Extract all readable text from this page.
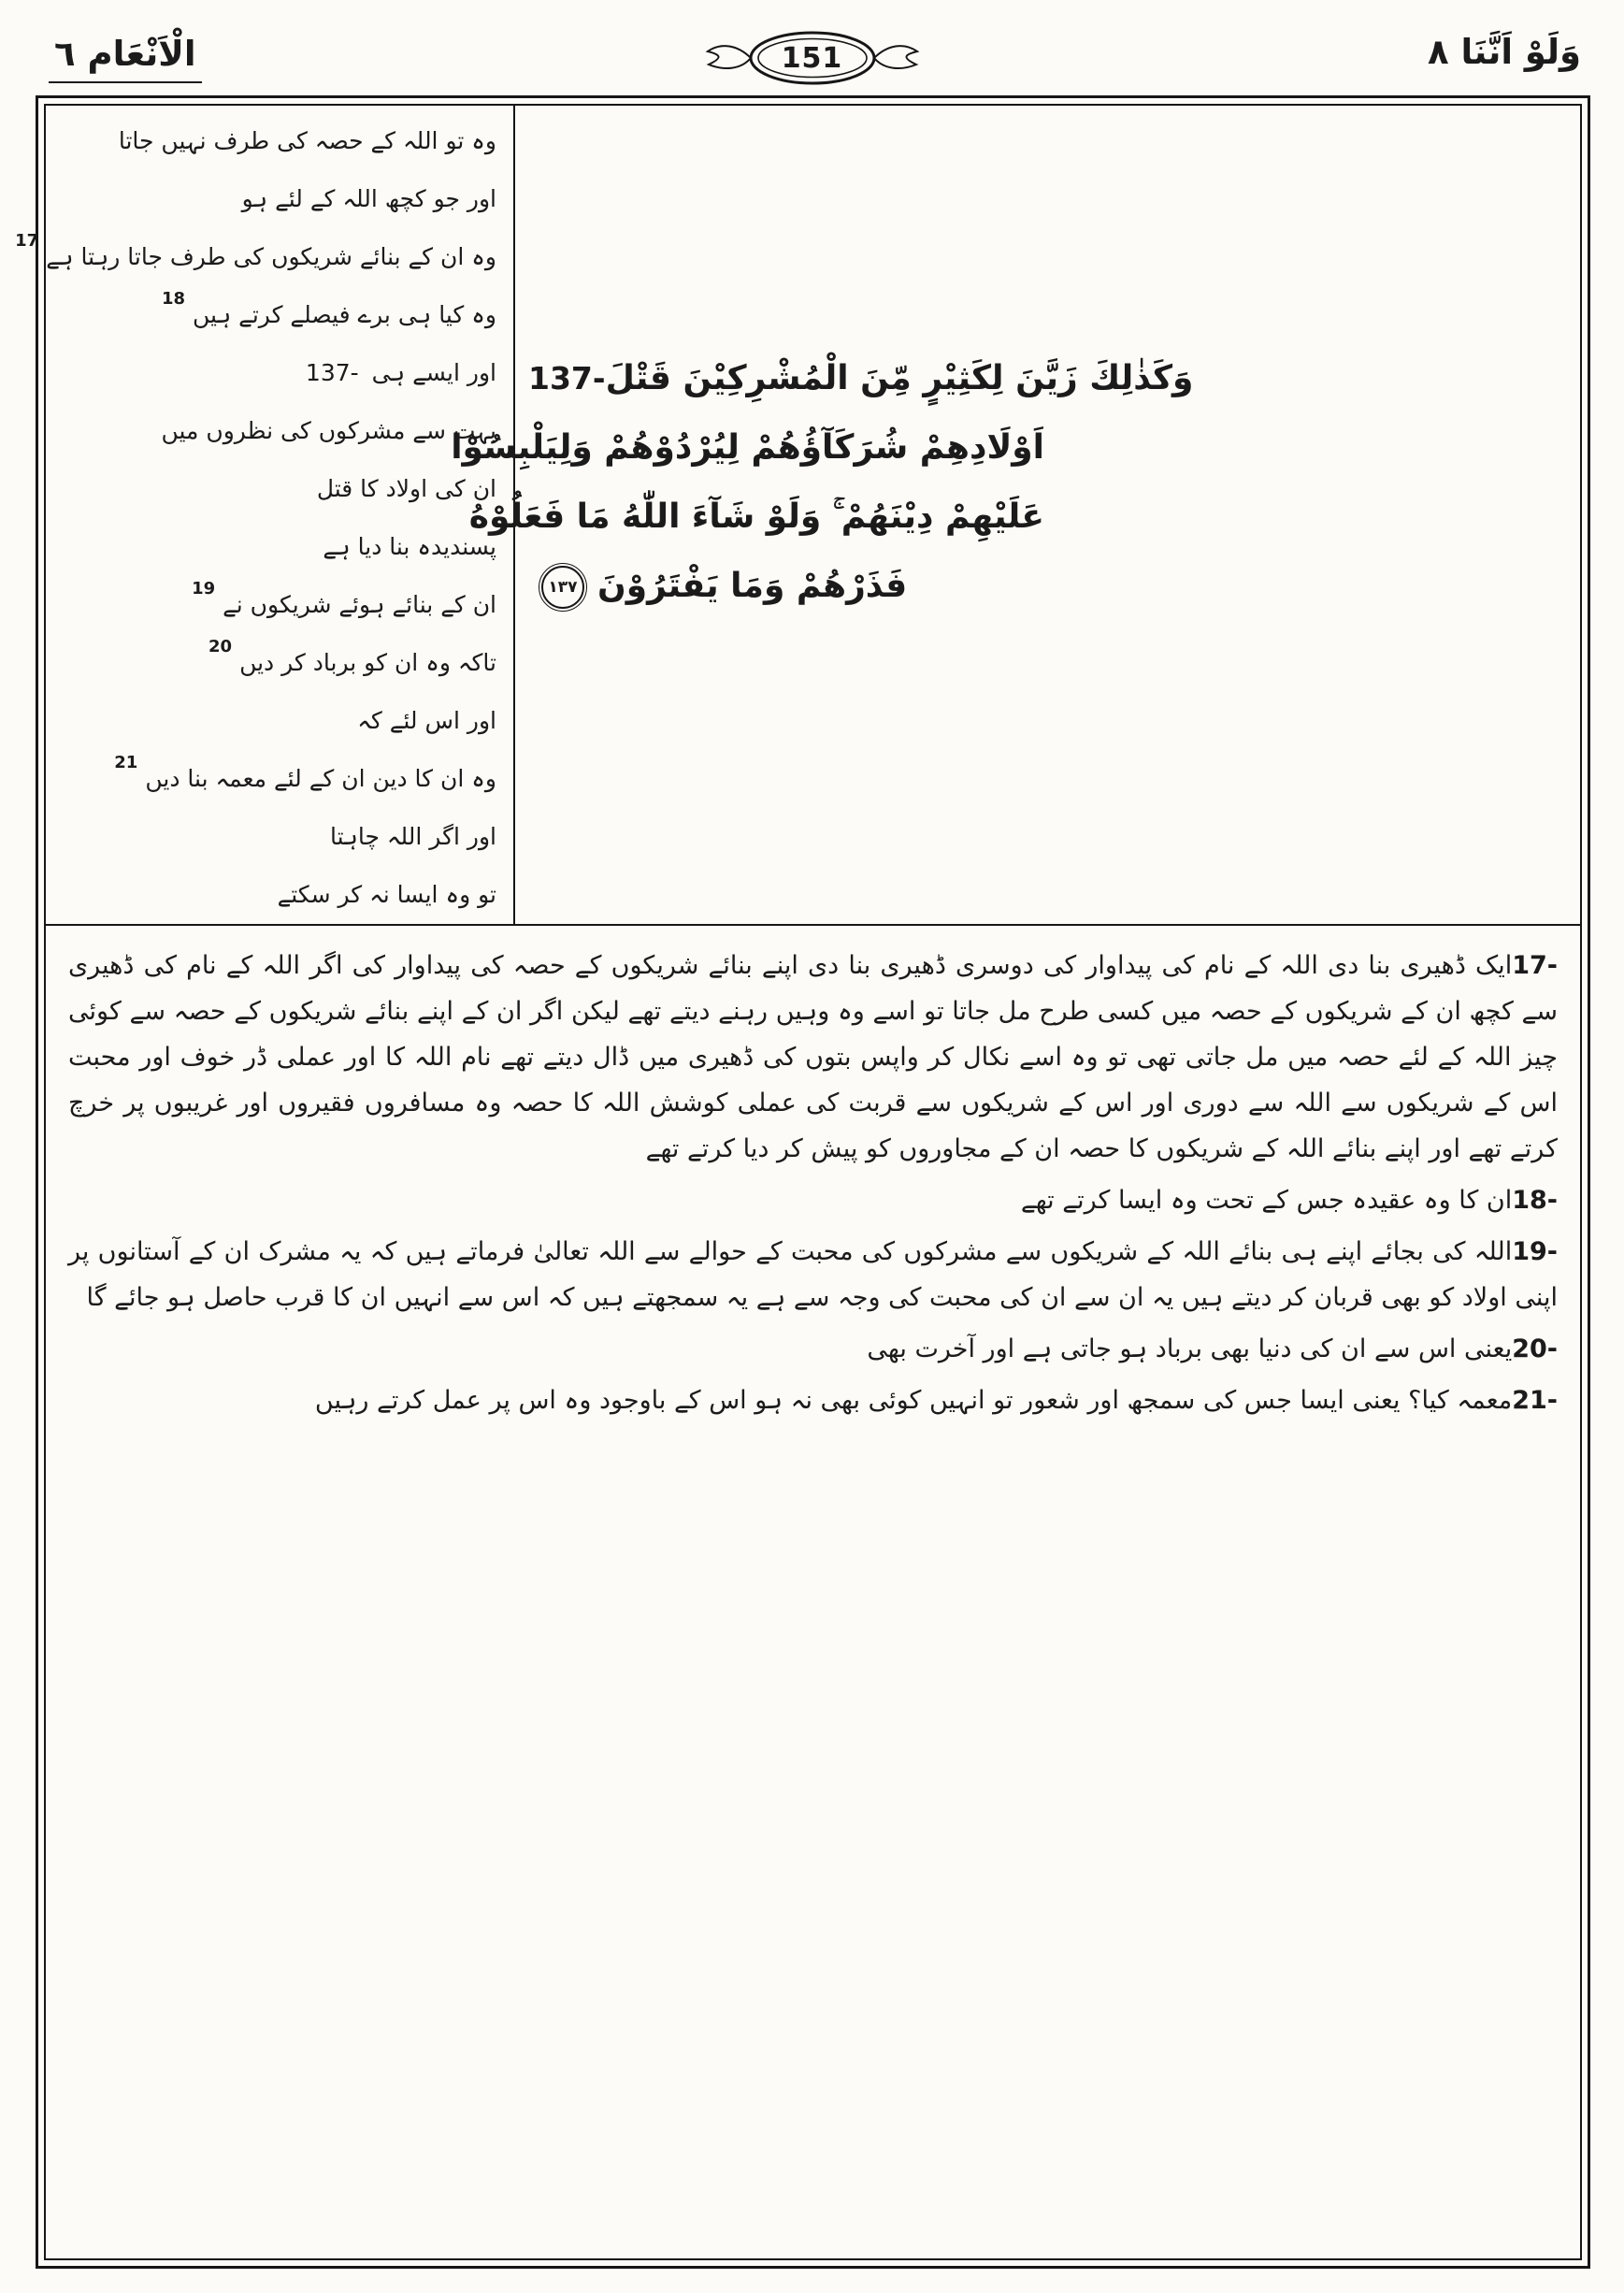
الْاَنْعَام ٦	151	وَلَوْ اَنَّنَا ٨
وہ تو اللہ کے حصہ کی طرف نہیں جاتا
اور جو کچھ اللہ کے لئے ہو
17
وہ ان کے بنائے شریکوں کی طرف جاتا رہتا ہے
18
وہ کیا ہی برے فیصلے کرتے ہیں
137- اور ایسے ہی
بہت سے مشرکوں کی نظروں میں
ان کی اولاد کا قتل
پسندیدہ بنا دیا ہے
19
ان کے بنائے ہوئے شریکوں نے
20
تاکہ وہ ان کو برباد کر دیں
اور اس لئے کہ
21
وہ ان کا دین ان کے لئے معمہ بنا دیں
اور اگر اللہ چاہتا
تو وہ ایسا نہ کر سکتے
137- وَكَذٰلِكَ زَيَّنَ لِكَثِيْرٍ مِّنَ الْمُشْرِكِيْنَ قَتْلَ
اَوْلَادِهِمْ شُرَكَآؤُهُمْ لِيُرْدُوْهُمْ وَلِيَلْبِسُوْا
عَلَيْهِمْ دِيْنَهُمْ ۚ وَلَوْ شَآءَ اللّٰهُ مَا فَعَلُوْهُ
فَذَرْهُمْ وَمَا يَفْتَرُوْنَ١٣٧
17-ایک ڈھیری بنا دی اللہ کے نام کی پیداوار کی دوسری ڈھیری بنا دی اپنے بنائے شریکوں کے حصہ کی پیداوار کی اگر اللہ کے نام کی ڈھیری سے کچھ ان کے شریکوں کے حصہ میں کسی طرح مل جاتا تو اسے وہ وہیں رہنے دیتے تھے لیکن اگر ان کے اپنے بنائے شریکوں کے حصہ سے کوئی چیز اللہ کے لئے حصہ میں مل جاتی تھی تو وہ اسے نکال کر واپس بتوں کی ڈھیری میں ڈال دیتے تھے نام اللہ کا اور عملی ڈر خوف اور محبت اس کے شریکوں سے اللہ سے دوری اور اس کے شریکوں سے قربت کی عملی کوشش اللہ کا حصہ وہ مسافروں فقیروں اور غریبوں پر خرچ کرتے تھے اور اپنے بنائے اللہ کے شریکوں کا حصہ ان کے مجاوروں کو پیش کر دیا کرتے تھے
18-ان کا وہ عقیدہ جس کے تحت وہ ایسا کرتے تھے
19-اللہ کی بجائے اپنے ہی بنائے اللہ کے شریکوں سے مشرکوں کی محبت کے حوالے سے اللہ تعالیٰ فرماتے ہیں کہ یہ مشرک ان کے آستانوں پر اپنی اولاد کو بھی قربان کر دیتے ہیں یہ ان سے ان کی محبت کی وجہ سے ہے یہ سمجھتے ہیں کہ اس سے انہیں ان کا قرب حاصل ہو جائے گا
20-یعنی اس سے ان کی دنیا بھی برباد ہو جاتی ہے اور آخرت بھی
21-معمہ کیا؟ یعنی ایسا جس کی سمجھ اور شعور تو انہیں کوئی بھی نہ ہو اس کے باوجود وہ اس پر عمل کرتے رہیں
